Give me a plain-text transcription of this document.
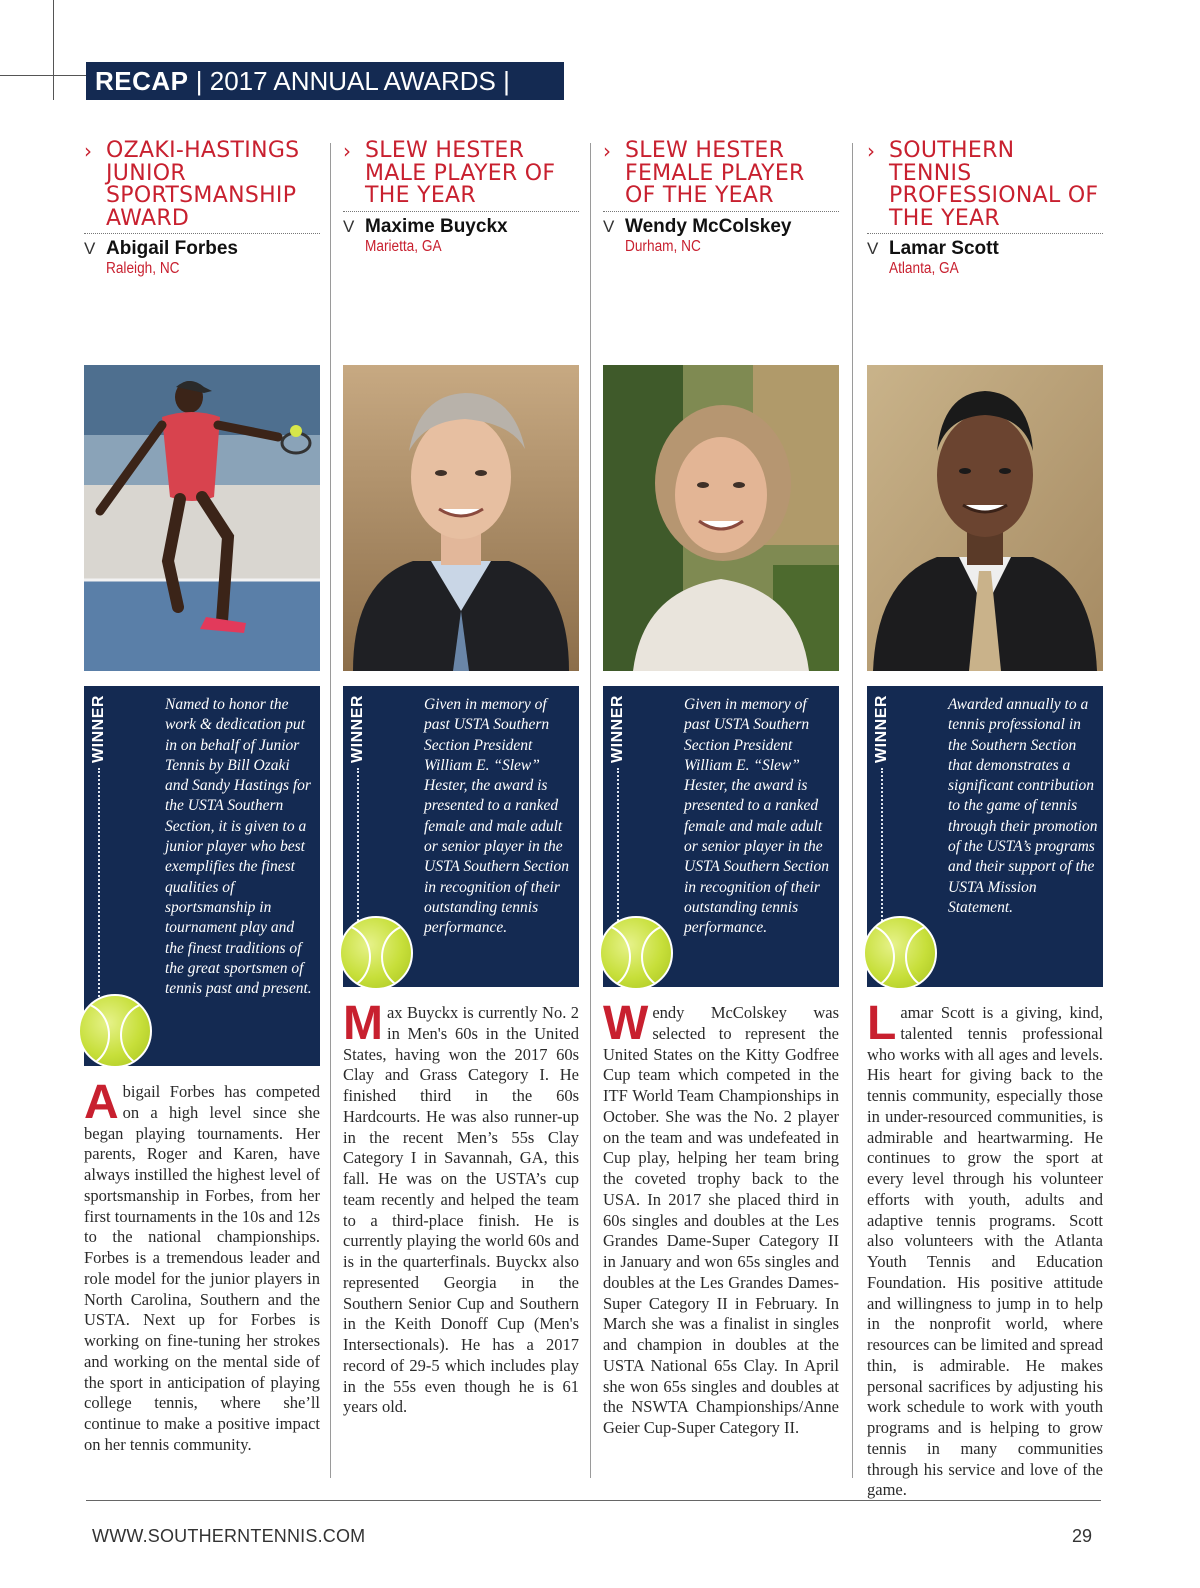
RECAP | 2017 ANNUAL AWARDS |
› OZAKI-HASTINGS JUNIOR SPORTSMANSHIP AWARD
V Abigail Forbes
Raleigh, NC
WINNER	Named to honor the work & dedication put in on behalf of Junior Tennis by Bill Ozaki and Sandy Hastings for the USTA Southern Section, it is given to a junior player who best exemplifies the finest qualities of sportsmanship in tournament play and the finest traditions of the great sportsmen of tennis past and present.
Abigail Forbes has competed on a high level since she began playing tournaments. Her parents, Roger and Karen, have always instilled the highest level of sportsmanship in Forbes, from her first tournaments in the 10s and 12s to the national championships. Forbes is a tremendous leader and role model for the junior players in North Carolina, Southern and the USTA. Next up for Forbes is working on fine-tuning her strokes and working on the mental side of the sport in anticipation of playing college tennis, where she’ll continue to make a positive impact on her tennis community.
› SLEW HESTER MALE PLAYER OF THE YEAR
V Maxime Buyckx
Marietta, GA
WINNER	Given in memory of past USTA Southern Section President William E. “Slew” Hester, the award is presented to a ranked female and male adult or senior player in the USTA Southern Section in recognition of their outstanding tennis performance.
Max Buyckx is currently No. 2 in Men's 60s in the United States, having won the 2017 60s Clay and Grass Category I. He finished third in the 60s Hardcourts. He was also runner-up in the recent Men’s 55s Clay Category I in Savannah, GA, this fall. He was on the USTA’s cup team recently and helped the team to a third-place finish. He is currently playing the world 60s and is in the quarterfinals. Buyckx also represented Georgia in the Southern Senior Cup and Southern in the Keith Donoff Cup (Men's Intersectionals). He has a 2017 record of 29-5 which includes play in the 55s even though he is 61 years old.
› SLEW HESTER FEMALE PLAYER OF THE YEAR
V Wendy McColskey
Durham, NC
WINNER	Given in memory of past USTA Southern Section President William E. “Slew” Hester, the award is presented to a ranked female and male adult or senior player in the USTA Southern Section in recognition of their outstanding tennis performance.
Wendy McColskey was selected to represent the United States on the Kitty Godfree Cup team which competed in the ITF World Team Championships in October. She was the No. 2 player on the team and was undefeated in Cup play, helping her team bring the coveted trophy back to the USA. In 2017 she placed third in 60s singles and doubles at the Les Grandes Dame-Super Category II in January and won 65s singles and doubles at the Les Grandes Dames-Super Category II in February. In March she was a finalist in singles and champion in doubles at the USTA National 65s Clay. In April she won 65s singles and doubles at the NSWTA Championships/Anne Geier Cup-Super Category II.
› SOUTHERN TENNIS PROFESSIONAL OF THE YEAR
V Lamar Scott
Atlanta, GA
WINNER	Awarded annually to a tennis professional in the Southern Section that demonstrates a significant contribution to the game of tennis through their promotion of the USTA’s programs and their support of the USTA Mission Statement.
Lamar Scott is a giving, kind, talented tennis professional who works with all ages and levels. His heart for giving back to the tennis community, especially those in under-resourced communities, is admirable and heartwarming. He continues to grow the sport at every level through his volunteer efforts with youth, adults and adaptive tennis programs. Scott also volunteers with the Atlanta Youth Tennis and Education Foundation. His positive attitude and willingness to jump in to help in the nonprofit world, where resources can be limited and spread thin, is admirable. He makes personal sacrifices by adjusting his work schedule to work with youth programs and is helping to grow tennis in many communities through his service and love of the game.
WWW.SOUTHERNTENNIS.COM	29
